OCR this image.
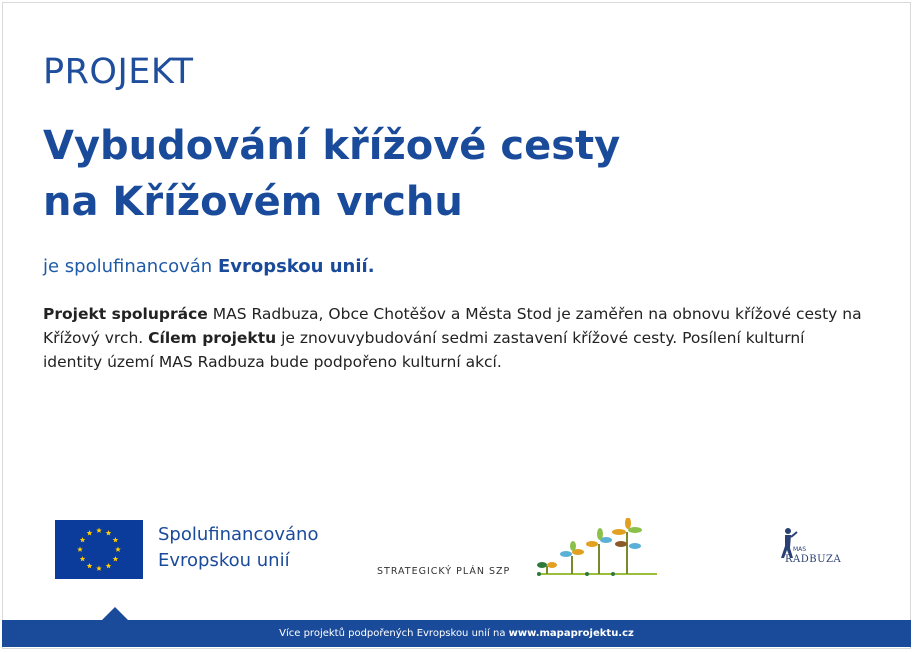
PROJEKT
Vybudování křížové cesty
na Křížovém vrchu
je spolufinancován Evropskou unií.
Projekt spolupráce MAS Radbuza, Obce Chotěšov a Města Stod je zaměřen na obnovu křížové cesty na Křížový vrch. Cílem projektu je znovuvybudování sedmi zastavení křížové cesty. Posílení kulturní identity území MAS Radbuza bude podpořeno kulturní akcí.
Spolufinancováno
Evropskou unií
STRATEGICKÝ PLÁN SZP
MAS
RADBUZA
Více projektů podpořených Evropskou unií na www.mapaprojektu.cz
